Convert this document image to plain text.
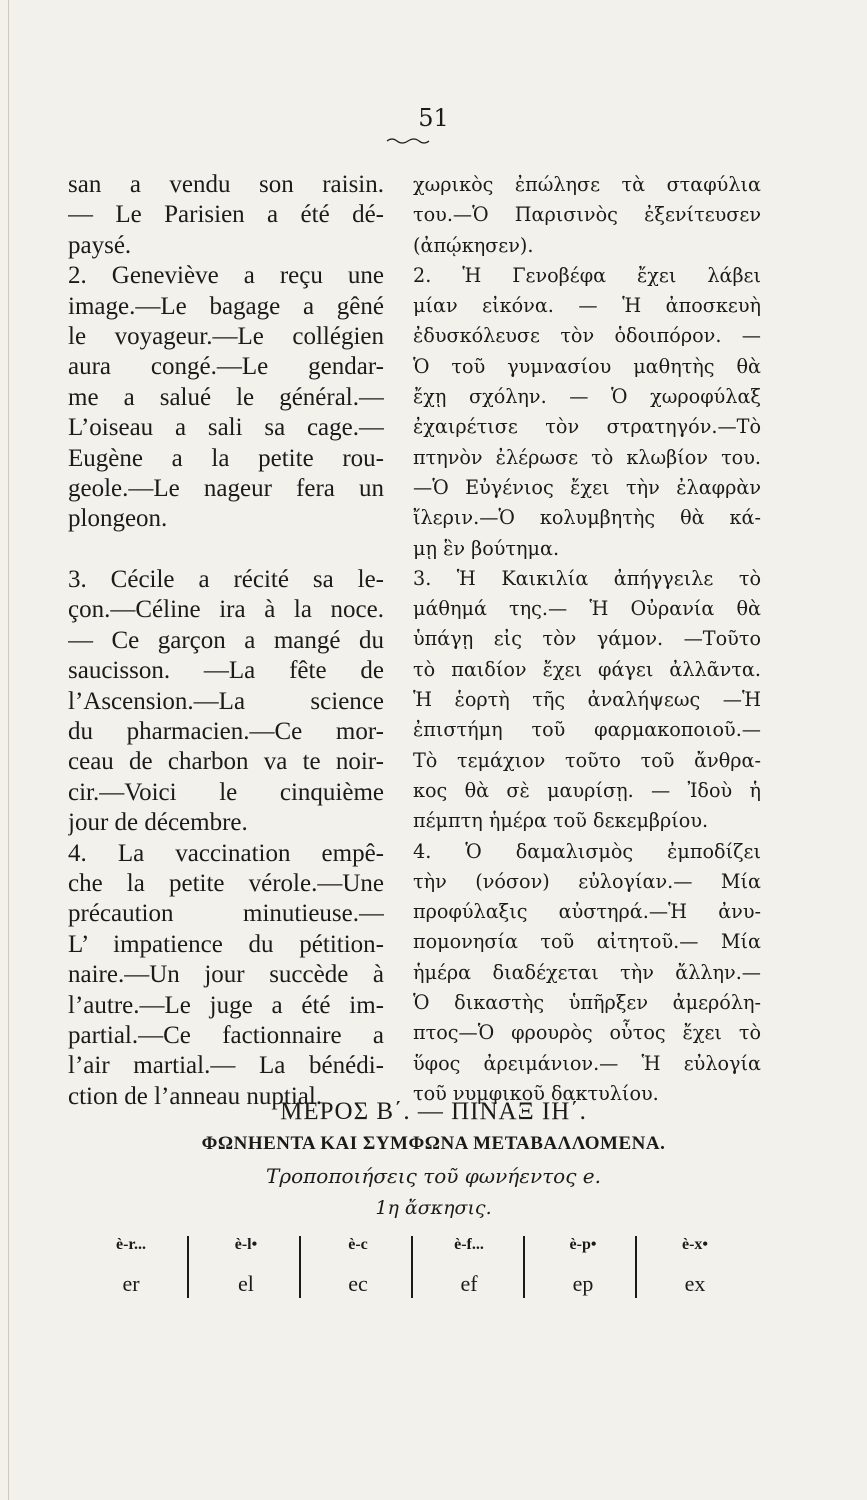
51
san a vendu son raisin.
— Le Parisien a été dé-
paysé.
2. Geneviève a reçu une
image.—Le bagage a gêné
le voyageur.—Le collégien
aura congé.—Le gendar-
me a salué le général.—
L’oiseau a sali sa cage.—
Eugène a la petite rou-
geole.—Le nageur fera un
plongeon.
3. Cécile a récité sa le-
çon.—Céline ira à la noce.
— Ce garçon a mangé du
saucisson. —La fête de
l’Ascension.—La science
du pharmacien.—Ce mor-
ceau de charbon va te noir-
cir.—Voici le cinquième
jour de décembre.
4. La vaccination empê-
che la petite vérole.—Une
précaution minutieuse.—
L’ impatience du pétition-
naire.—Un jour succède à
l’autre.—Le juge a été im-
partial.—Ce factionnaire a
l’air martial.— La bénédi-
ction de l’anneau nuptial.
χωρικὸς ἐπώλησε τὰ σταφύλια
του.—Ὁ Παρισινὸς ἐξενίτευσεν
(ἀπῴκησεν).
2. Ἡ Γενοβέφα ἔχει λάβει
μίαν εἰκόνα. — Ἡ ἀποσκευὴ
ἐδυσκόλευσε τὸν ὁδοιπόρον. —
Ὁ τοῦ γυμνασίου μαθητὴς θὰ
ἔχῃ σχόλην. — Ὁ χωροφύλαξ
ἐχαιρέτισε τὸν στρατηγόν.—Τὸ
πτηνὸν ἐλέρωσε τὸ κλωβίον του.
—Ὁ Εὐγένιος ἔχει τὴν ἐλαφρὰν
ἴλεριν.—Ὁ κολυμβητὴς θὰ κά-
μῃ ἓν βούτημα.
3. Ἡ Καικιλία ἀπήγγειλε τὸ
μάθημά της.— Ἡ Οὐρανία θὰ
ὑπάγῃ εἰς τὸν γάμον. —Τοῦτο
τὸ παιδίον ἔχει φάγει ἀλλᾶντα.
Ἡ ἑορτὴ τῆς ἀναλήψεως —Ἡ
ἐπιστήμη τοῦ φαρμακοποιοῦ.—
Τὸ τεμάχιον τοῦτο τοῦ ἄνθρα-
κος θὰ σὲ μαυρίσῃ. — Ἰδοὺ ἡ
πέμπτη ἡμέρα τοῦ δεκεμβρίου.
4. Ὁ δαμαλισμὸς ἐμποδίζει
τὴν (νόσον) εὐλογίαν.— Μία
προφύλαξις αὐστηρά.—Ἡ ἀνυ-
πομονησία τοῦ αἰτητοῦ.— Μία
ἡμέρα διαδέχεται τὴν ἄλλην.—
Ὁ δικαστὴς ὑπῆρξεν ἀμερόλη-
πτος—Ὁ φρουρὸς οὗτος ἔχει τὸ
ὕφος ἀρειμάνιον.— Ἡ εὐλογία
τοῦ νυμφικοῦ δακτυλίου.
ΜΕΡΟΣ Β΄. — ΠΙΝΑΞ ΙΗ΄.
ΦΩΝΗΕΝΤΑ ΚΑΙ ΣΥΜΦΩΝΑ ΜΕΤΑΒΑΛΛΟΜΕΝΑ.
Τροποποιήσεις τοῦ φωνήεντος e.
1η ἄσκησις.
è-r...
er
è-l•
el
è-c
ec
è-f...
ef
è-p•
ep
è-x•
ex
